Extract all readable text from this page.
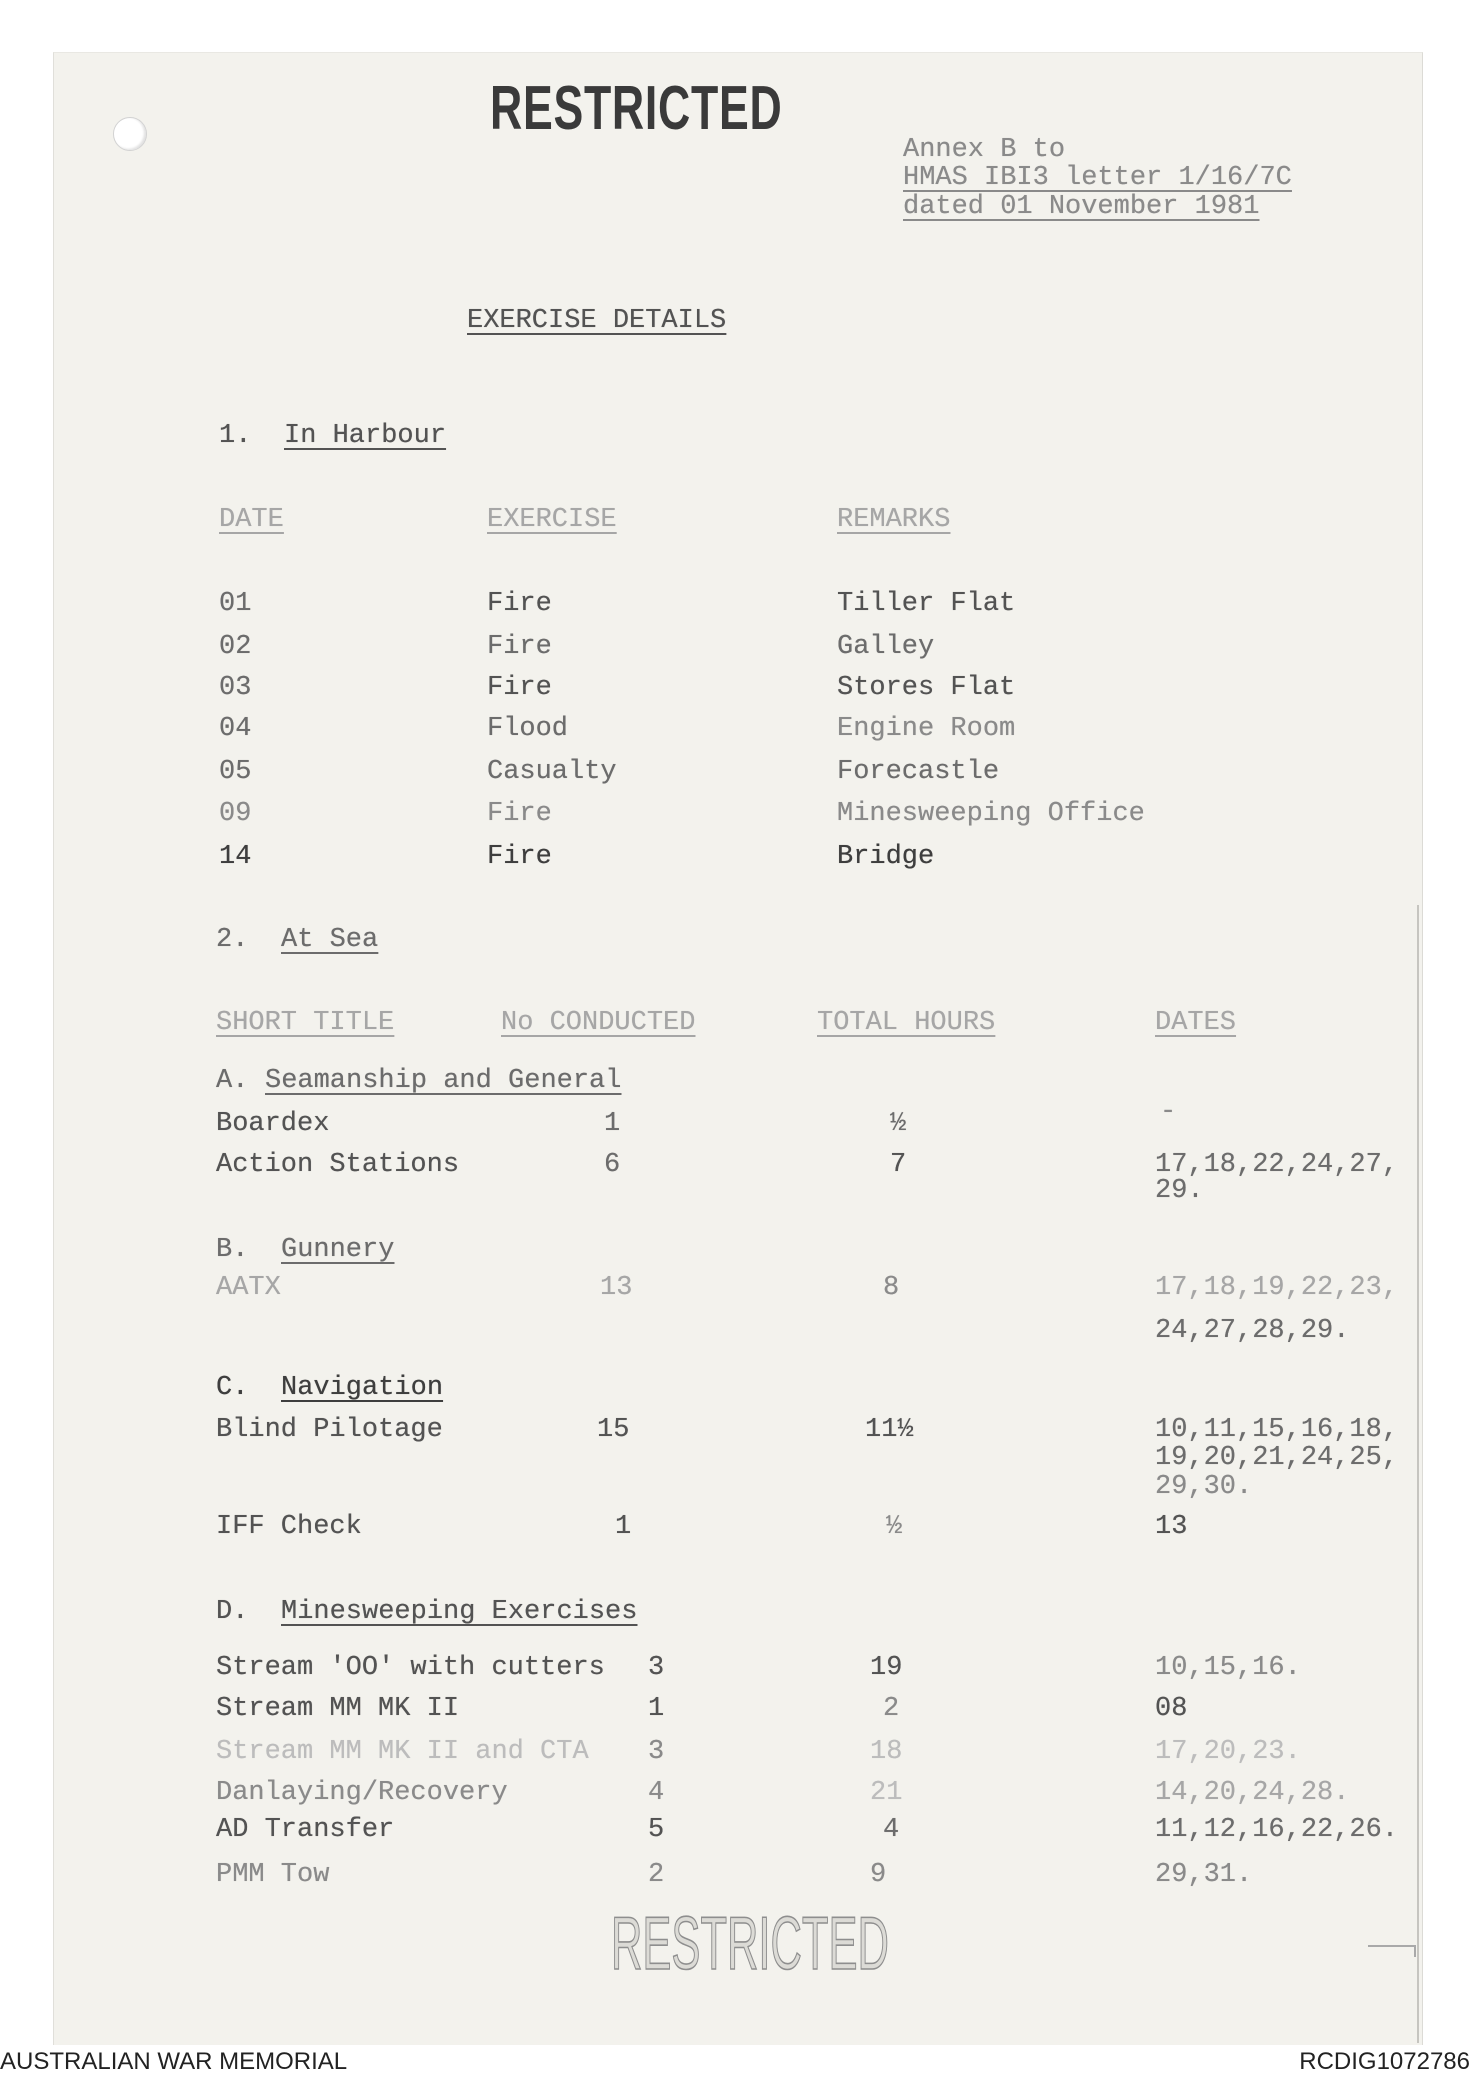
RESTRICTED
Annex B to
HMAS IBI3 letter 1/16/7C
dated 01 November 1981
EXERCISE DETAILS
1. In Harbour
DATE	EXERCISE	REMARKS
01	Fire	Tiller Flat
02	Fire	Galley
03	Fire	Stores Flat
04	Flood	Engine Room
05	Casualty	Forecastle
09	Fire	Minesweeping Office
14	Fire	Bridge
2. At Sea
SHORT TITLE	No CONDUCTED	TOTAL HOURS	DATES
A. Seamanship and General
Boardex	1	½	-
Action Stations	6	7	17,18,22,24,27,
29.
B. Gunnery
AATX	13	8	17,18,19,22,23,
24,27,28,29.
C. Navigation
Blind Pilotage	15	11½	10,11,15,16,18,
19,20,21,24,25,
29,30.
IFF Check	1	½	13
D. Minesweeping Exercises
Stream 'OO' with cutters 3	19	10,15,16.
Stream MM MK II	1	2	08
Stream MM MK II and CTA 3	18	17,20,23.
Danlaying/Recovery	4	21	14,20,24,28.
AD Transfer	5	4	11,12,16,22,26.
PMM Tow	2	9	29,31.
RESTRICTED
AUSTRALIAN WAR MEMORIAL	RCDIG1072786
